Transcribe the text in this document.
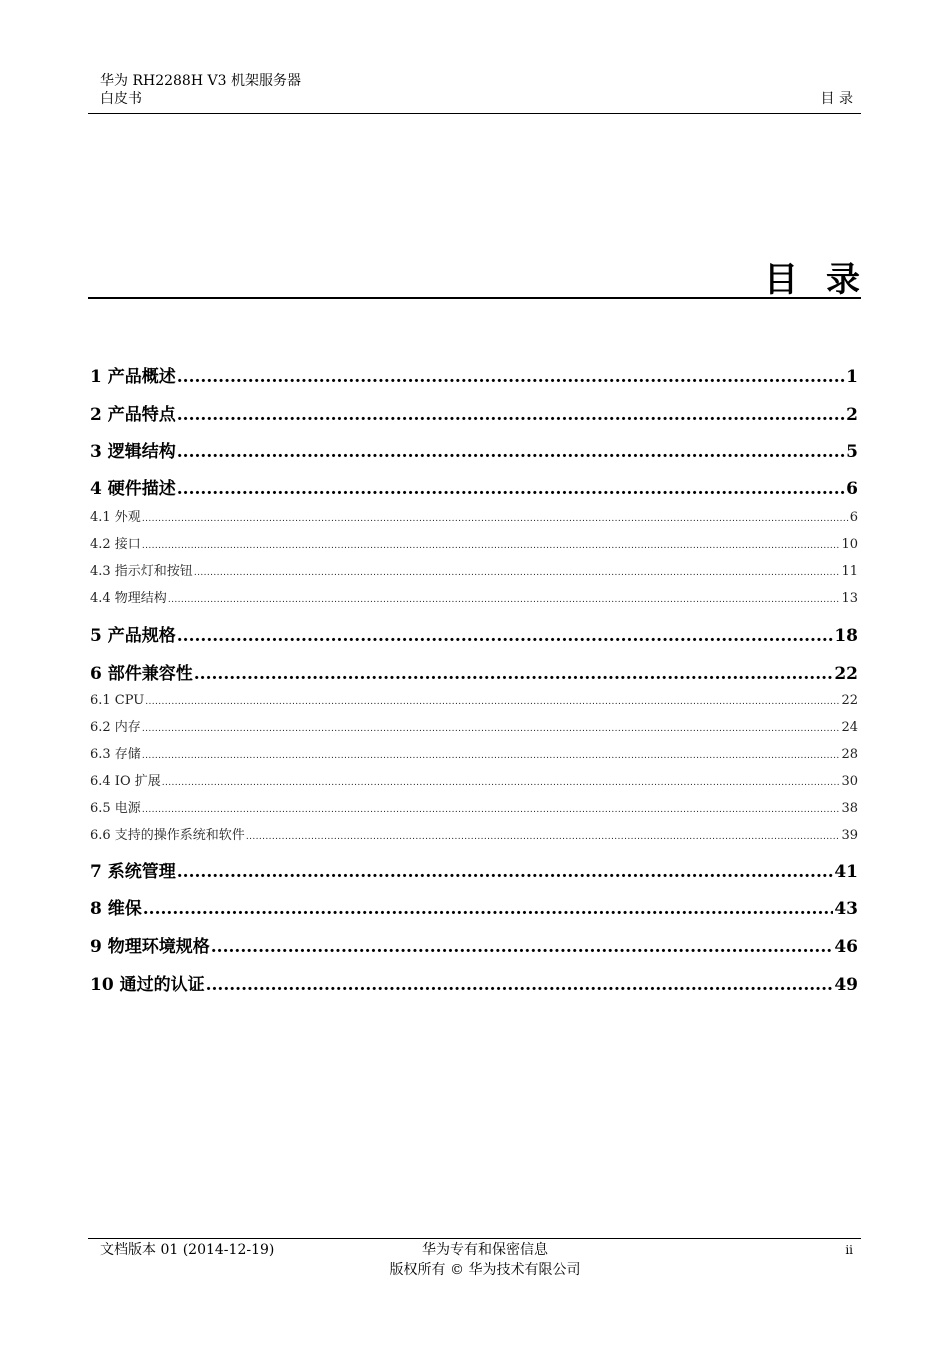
华为 RH2288H V3 机架服务器
白皮书	目 录
目录
1 产品概述 .....	1
2 产品特点 .....	2
3 逻辑结构 .....	5
4 硬件描述 .....	6
4.1 外观 .....	6
4.2 接口 .....	10
4.3 指示灯和按钮 .....	11
4.4 物理结构 .....	13
5 产品规格 .....	18
6 部件兼容性 .....	22
6.1 CPU .....	22
6.2 内存 .....	24
6.3 存储 .....	28
6.4 IO 扩展 .....	30
6.5 电源 .....	38
6.6 支持的操作系统和软件 .....	39
7 系统管理 .....	41
8 维保 .....	43
9 物理环境规格 .....	46
10 通过的认证 .....	49
文档版本 01 (2014-12-19)	华为专有和保密信息
版权所有 © 华为技术有限公司
ii
